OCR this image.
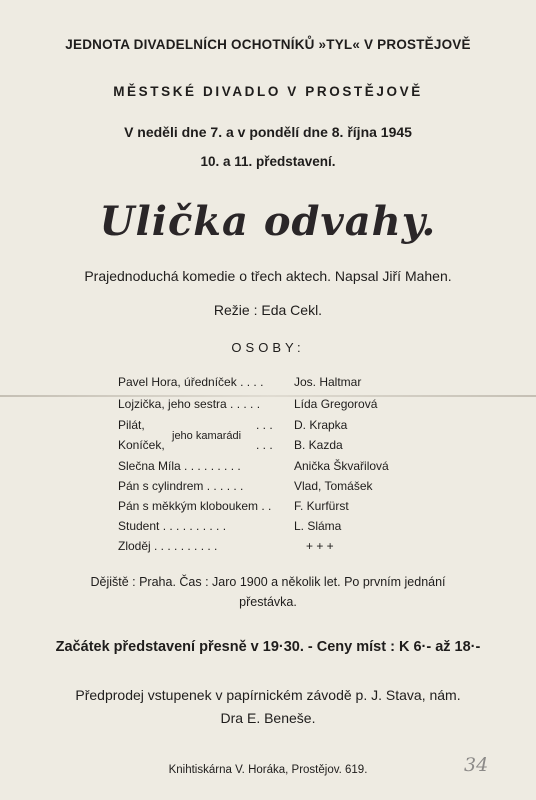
JEDNOTA DIVADELNÍCH OCHOTNÍKŮ »TYL« V PROSTĚJOVĚ
MĚSTSKÉ DIVADLO V PROSTĚJOVĚ
V neděli dne 7. a v pondělí dne 8. října 1945
10. a 11. představení.
Ulička odvahy.
Prajednoduchá komedie o třech aktech. Napsal Jiří Mahen.
Režie : Eda Cekl.
OSOBY:
Pavel Hora, úředníček . . . .	Jos. Haltmar
Lojzička, jeho sestra . . . . .	Lída Gregorová
Pilát,	. . . D. Krapka
jeho kamarádi
Koníček,	. . . B. Kazda
Slečna Míla . . . . . . . . .	Anička Škvařilová
Pán s cylindrem . . . . . .	Vlad, Tomášek
Pán s měkkým kloboukem . . F. Kurfürst
Student . . . . . . . . . .	L. Sláma
Zloděj . . . . . . . . . .	+ + +
Dějiště : Praha. Čas : Jaro 1900 a několik let. Po prvním jednání
přestávka.
Začátek představení přesně v 19·30. - Ceny míst : K 6·- až 18·-
Předprodej vstupenek v papírnickém závodě p. J. Stava, nám.
Dra E. Beneše.
Knihtiskárna V. Horáka, Prostějov. 619.	34
